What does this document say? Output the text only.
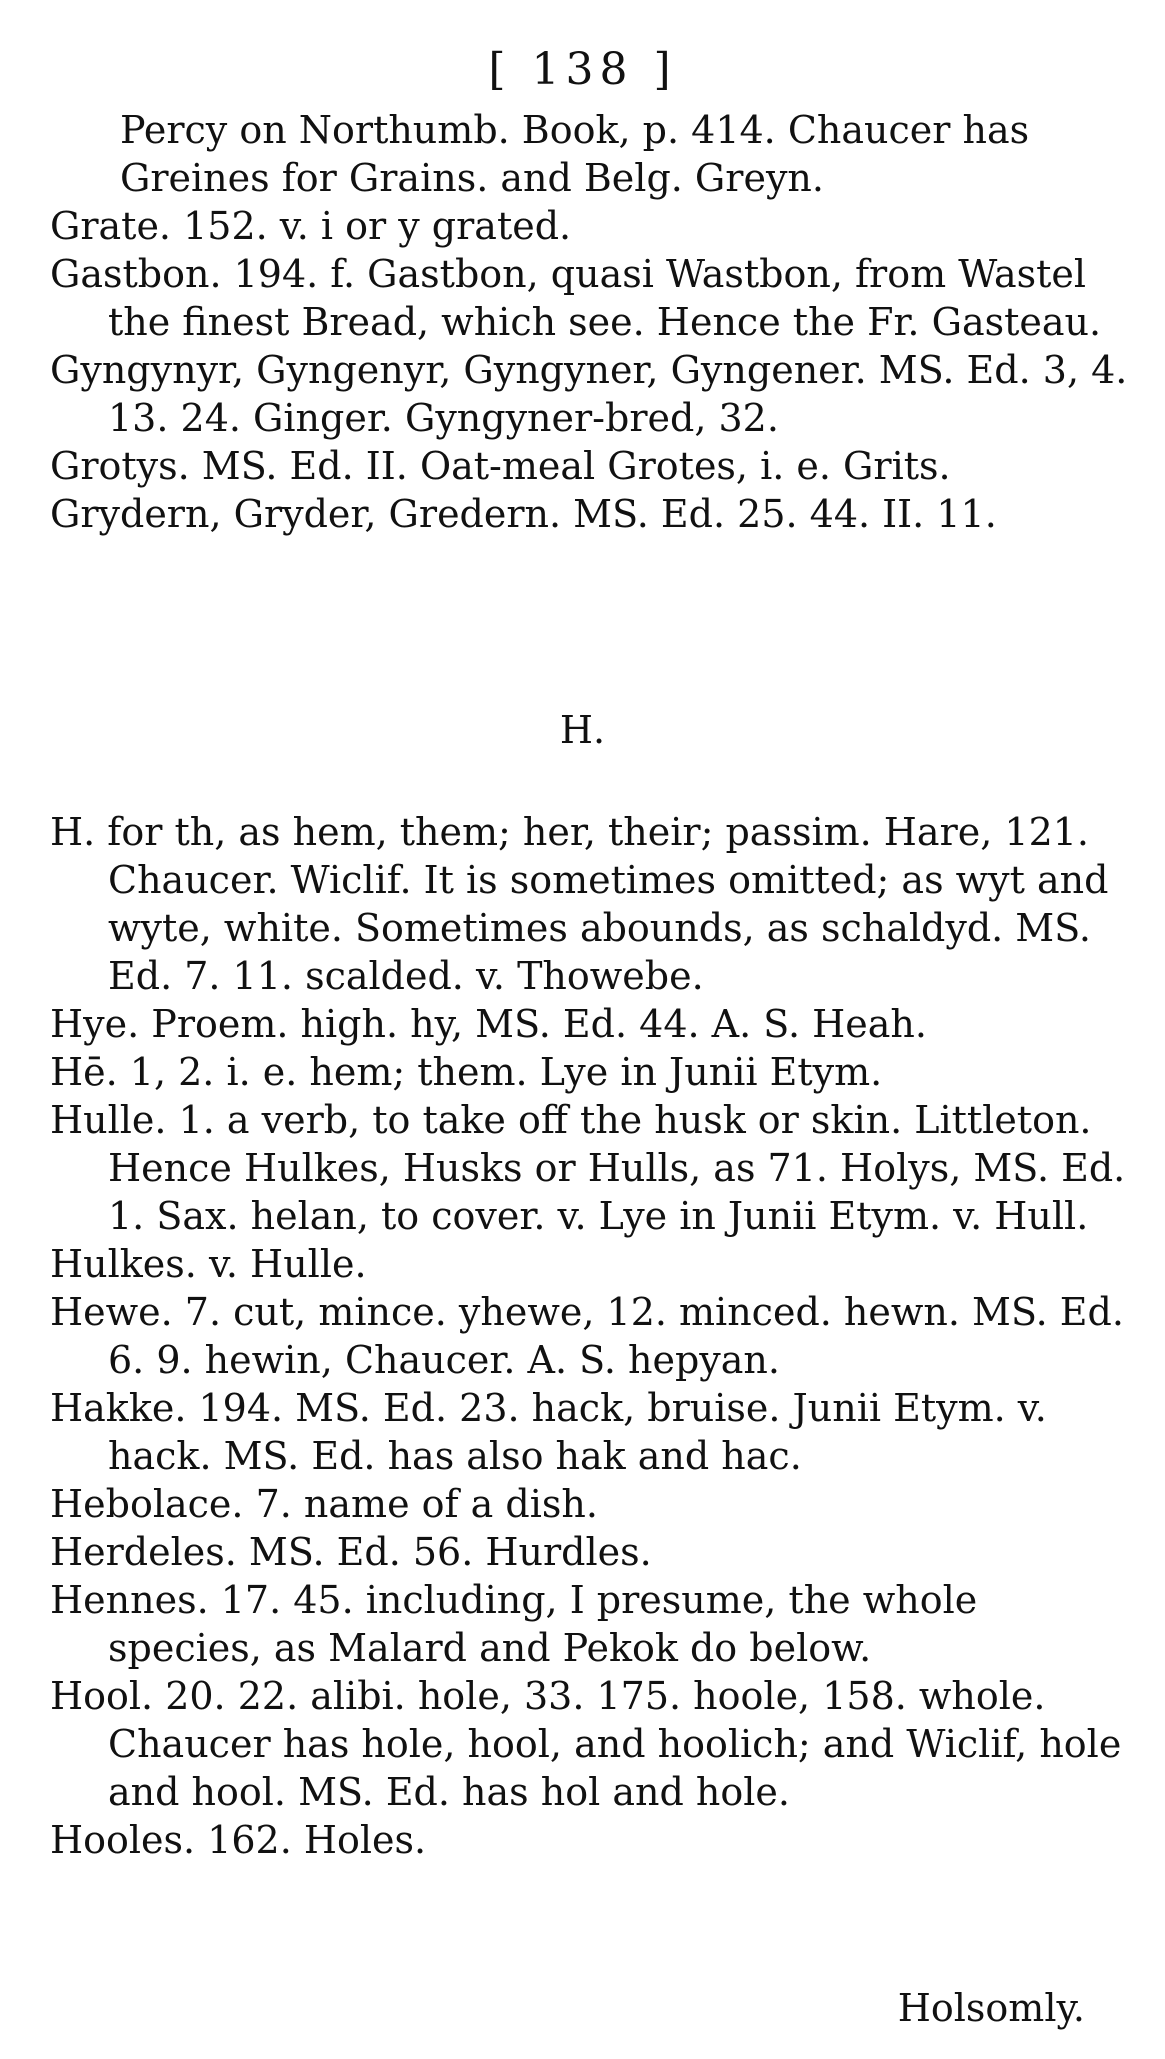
[ 138 ]

Percy on Northumb. Book, p. 414. Chaucer has Greines for Grains. and Belg. Greyn.

Grate. 152. v. i or y grated.

Gastbon. 194. f. Gastbon, quasi Wastbon, from Wastel the finest Bread, which see. Hence the Fr. Gasteau.

Gyngynyr, Gyngenyr, Gyngyner, Gyngener. MS. Ed. 3, 4. 13. 24. Ginger. Gyngyner-bred, 32.

Grotys. MS. Ed. II. Oat-meal Grotes, i. e. Grits.

Grydern, Gryder, Gredern. MS. Ed. 25. 44. II. 11.

H.

H. for th, as hem, them; her, their; passim. Hare, 121. Chaucer. Wiclif. It is sometimes omitted; as wyt and wyte, white. Sometimes abounds, as schaldyd. MS. Ed. 7. 11. scalded. v. Thowebe.

Hye. Proem. high. hy, MS. Ed. 44. A. S. Heah.

Hē. 1, 2. i. e. hem; them. Lye in Junii Etym.

Hulle. 1. a verb, to take off the husk or skin. Littleton. Hence Hulkes, Husks or Hulls, as 71. Holys, MS. Ed. 1. Sax. helan, to cover. v. Lye in Junii Etym. v. Hull.

Hulkes. v. Hulle.

Hewe. 7. cut, mince. yhewe, 12. minced. hewn. MS. Ed. 6. 9. hewin, Chaucer. A. S. hepyan.

Hakke. 194. MS. Ed. 23. hack, bruise. Junii Etym. v. hack. MS. Ed. has also hak and hac.

Hebolace. 7. name of a dish.

Herdeles. MS. Ed. 56. Hurdles.

Hennes. 17. 45. including, I presume, the whole species, as Malard and Pekok do below.

Hool. 20. 22. alibi. hole, 33. 175. hoole, 158. whole. Chaucer has hole, hool, and hoolich; and Wiclif, hole and hool. MS. Ed. has hol and hole.

Hooles. 162. Holes.

Holsomly.
